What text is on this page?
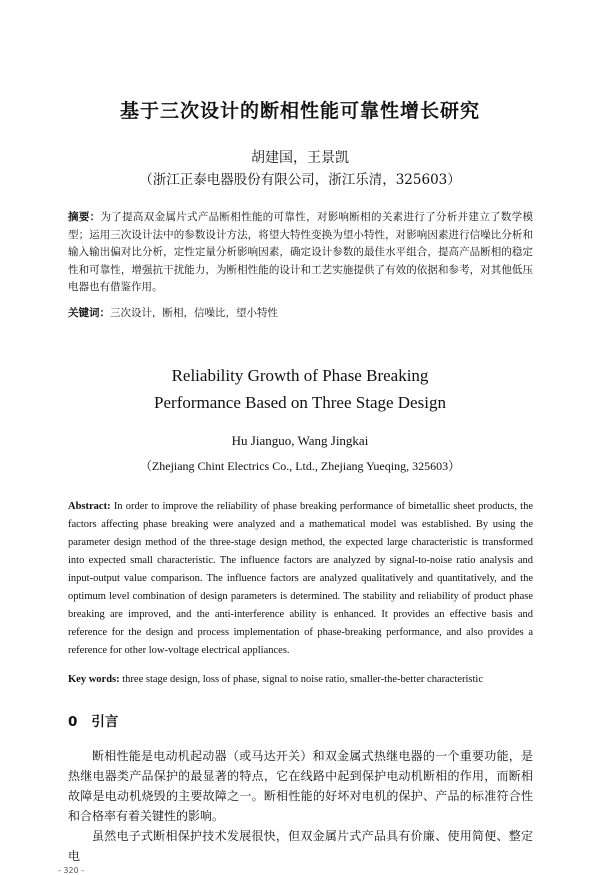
基于三次设计的断相性能可靠性增长研究
胡建国，王景凯
（浙江正泰电器股份有限公司，浙江乐清，325603）
摘要：为了提高双金属片式产品断相性能的可靠性，对影响断相的关素进行了分析并建立了数学模型；运用三次设计法中的参数设计方法，将望大特性变换为望小特性，对影响因素进行信噪比分析和输入输出偏对比分析，定性定量分析影响因素，确定设计参数的最佳水平组合，提高产品断相的稳定性和可靠性，增强抗干扰能力，为断相性能的设计和工艺实施提供了有效的依据和参考，对其他低压电器也有借鉴作用。
关键词：三次设计，断相，信噪比，望小特性
Reliability Growth of Phase Breaking
Performance Based on Three Stage Design
Hu Jianguo, Wang Jingkai
（Zhejiang Chint Electrics Co., Ltd., Zhejiang Yueqing, 325603）
Abstract: In order to improve the reliability of phase breaking performance of bimetallic sheet products, the factors affecting phase breaking were analyzed and a mathematical model was established. By using the parameter design method of the three-stage design method, the expected large characteristic is transformed into expected small characteristic. The influence factors are analyzed by signal-to-noise ratio analysis and input-output value comparison. The influence factors are analyzed qualitatively and quantitatively, and the optimum level combination of design parameters is determined. The stability and reliability of product phase breaking are improved, and the anti-interference ability is enhanced. It provides an effective basis and reference for the design and process implementation of phase-breaking performance, and also provides a reference for other low-voltage electrical appliances.
Key words: three stage design, loss of phase, signal to noise ratio, smaller-the-better characteristic
0 引言

断相性能是电动机起动器（或马达开关）和双金属式热继电器的一个重要功能，是热继电器类产品保护的最显著的特点，它在线路中起到保护电动机断相的作用，而断相故障是电动机烧毁的主要故障之一。断相性能的好坏对电机的保护、产品的标准符合性和合格率有着关键性的影响。

虽然电子式断相保护技术发展很快，但双金属片式产品具有价廉、使用简便、整定电

- 320 -
